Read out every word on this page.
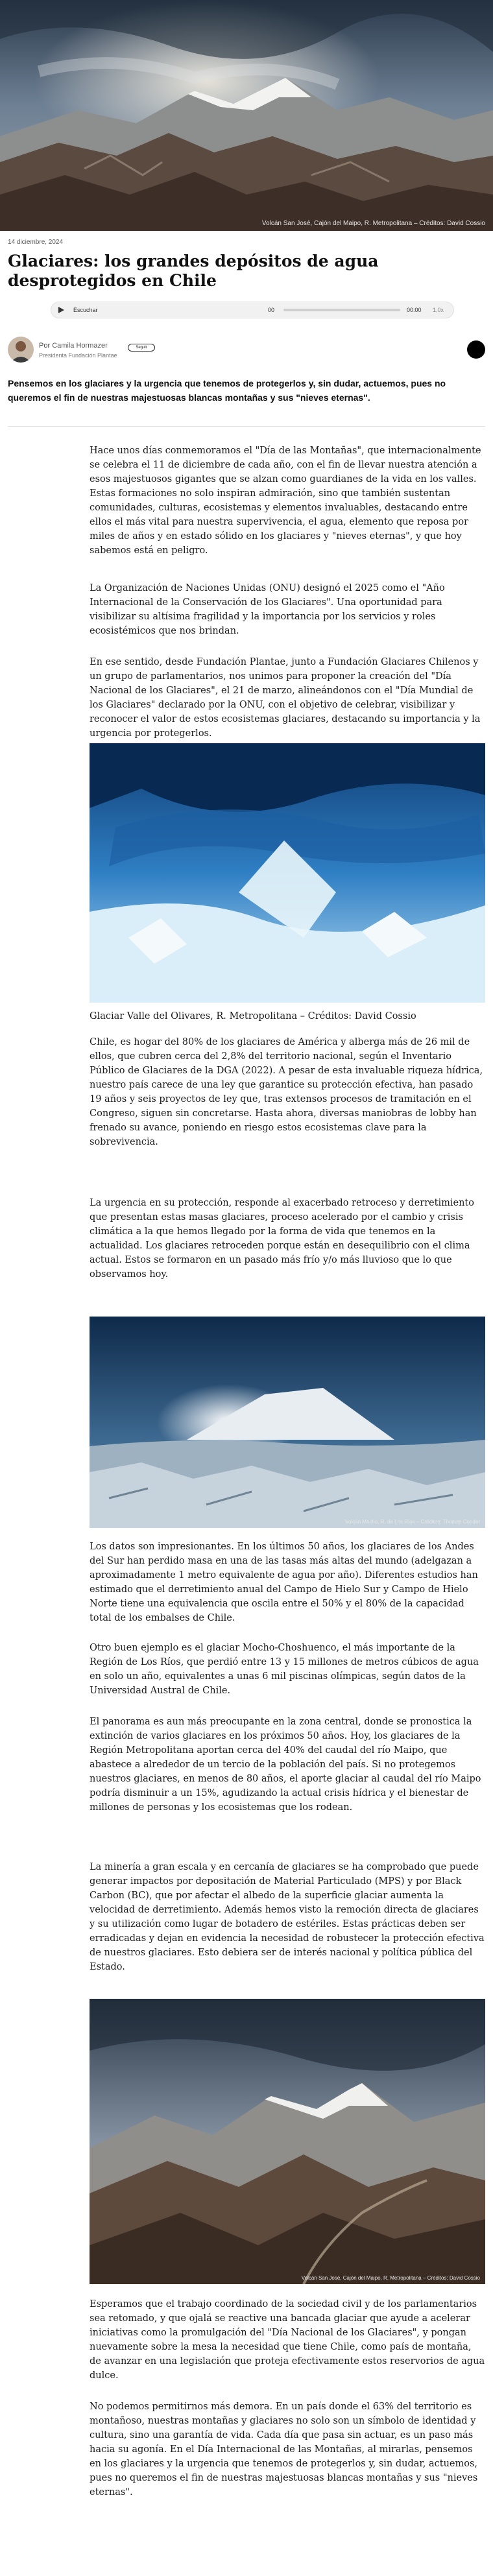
Volcán San José, Cajón del Maipo, R. Metropolitana – Créditos: David Cossio
14 diciembre, 2024
Glaciares: los grandes depósitos de agua desprotegidos en Chile
Escuchar	00	00:00	1,0x
Por Camila Hormazer
Presidenta Fundación Plantae
Seguir

Pensemos en los glaciares y la urgencia que tenemos de protegerlos y, sin dudar, actuemos, pues no queremos el fin de nuestras majestuosas blancas montañas y sus "nieves eternas".

Hace unos días conmemoramos el "Día de las Montañas", que internacionalmente se celebra el 11 de diciembre de cada año, con el fin de llevar nuestra atención a esos majestuosos gigantes que se alzan como guardianes de la vida en los valles. Estas formaciones no solo inspiran admiración, sino que también sustentan comunidades, culturas, ecosistemas y elementos invaluables, destacando entre ellos el más vital para nuestra supervivencia, el agua, elemento que reposa por miles de años y en estado sólido en los glaciares y "nieves eternas", y que hoy sabemos está en peligro.

La Organización de Naciones Unidas (ONU) designó el 2025 como el "Año Internacional de la Conservación de los Glaciares". Una oportunidad para visibilizar su altísima fragilidad y la importancia por los servicios y roles ecosistémicos que nos brindan.

En ese sentido, desde Fundación Plantae, junto a Fundación Glaciares Chilenos y un grupo de parlamentarios, nos unimos para proponer la creación del "Día Nacional de los Glaciares", el 21 de marzo, alineándonos con el "Día Mundial de los Glaciares" declarado por la ONU, con el objetivo de celebrar, visibilizar y reconocer el valor de estos ecosistemas glaciares, destacando su importancia y la urgencia por protegerlos.

Glaciar Valle del Olivares, R. Metropolitana – Créditos: David Cossio

Chile, es hogar del 80% de los glaciares de América y alberga más de 26 mil de ellos, que cubren cerca del 2,8% del territorio nacional, según el Inventario Público de Glaciares de la DGA (2022). A pesar de esta invaluable riqueza hídrica, nuestro país carece de una ley que garantice su protección efectiva, han pasado 19 años y seis proyectos de ley que, tras extensos procesos de tramitación en el Congreso, siguen sin concretarse. Hasta ahora, diversas maniobras de lobby han frenado su avance, poniendo en riesgo estos ecosistemas clave para la sobrevivencia.

La urgencia en su protección, responde al exacerbado retroceso y derretimiento que presentan estas masas glaciares, proceso acelerado por el cambio y crisis climática a la que hemos llegado por la forma de vida que tenemos en la actualidad. Los glaciares retroceden porque están en desequilibrio con el clima actual. Estos se formaron en un pasado más frío y/o más lluvioso que lo que observamos hoy.

Volcán Mocho, R. de Los Ríos – Créditos: Thomas Conder

Los datos son impresionantes. En los últimos 50 años, los glaciares de los Andes del Sur han perdido masa en una de las tasas más altas del mundo (adelgazan a aproximadamente 1 metro equivalente de agua por año). Diferentes estudios han estimado que el derretimiento anual del Campo de Hielo Sur y Campo de Hielo Norte tiene una equivalencia que oscila entre el 50% y el 80% de la capacidad total de los embalses de Chile.

Otro buen ejemplo es el glaciar Mocho-Choshuenco, el más importante de la Región de Los Ríos, que perdió entre 13 y 15 millones de metros cúbicos de agua en solo un año, equivalentes a unas 6 mil piscinas olímpicas, según datos de la Universidad Austral de Chile.

El panorama es aun más preocupante en la zona central, donde se pronostica la extinción de varios glaciares en los próximos 50 años. Hoy, los glaciares de la Región Metropolitana aportan cerca del 40% del caudal del río Maipo, que abastece a alrededor de un tercio de la población del país. Si no protegemos nuestros glaciares, en menos de 80 años, el aporte glaciar al caudal del río Maipo podría disminuir a un 15%, agudizando la actual crisis hídrica y el bienestar de millones de personas y los ecosistemas que los rodean.

La minería a gran escala y en cercanía de glaciares se ha comprobado que puede generar impactos por depositación de Material Particulado (MPS) y por Black Carbon (BC), que por afectar el albedo de la superficie glaciar aumenta la velocidad de derretimiento. Además hemos visto la remoción directa de glaciares y su utilización como lugar de botadero de estériles. Estas prácticas deben ser erradicadas y dejan en evidencia la necesidad de robustecer la protección efectiva de nuestros glaciares. Esto debiera ser de interés nacional y política pública del Estado.

Volcán San José, Cajón del Maipo, R. Metropolitana – Créditos: David Cossio

Esperamos que el trabajo coordinado de la sociedad civil y de los parlamentarios sea retomado, y que ojalá se reactive una bancada glaciar que ayude a acelerar iniciativas como la promulgación del "Día Nacional de los Glaciares", y pongan nuevamente sobre la mesa la necesidad que tiene Chile, como país de montaña, de avanzar en una legislación que proteja efectivamente estos reservorios de agua dulce.

No podemos permitirnos más demora. En un país donde el 63% del territorio es montañoso, nuestras montañas y glaciares no solo son un símbolo de identidad y cultura, sino una garantía de vida. Cada día que pasa sin actuar, es un paso más hacia su agonía. En el Día Internacional de las Montañas, al mirarlas, pensemos en los glaciares y la urgencia que tenemos de protegerlos y, sin dudar, actuemos, pues no queremos el fin de nuestras majestuosas blancas montañas y sus "nieves eternas".
